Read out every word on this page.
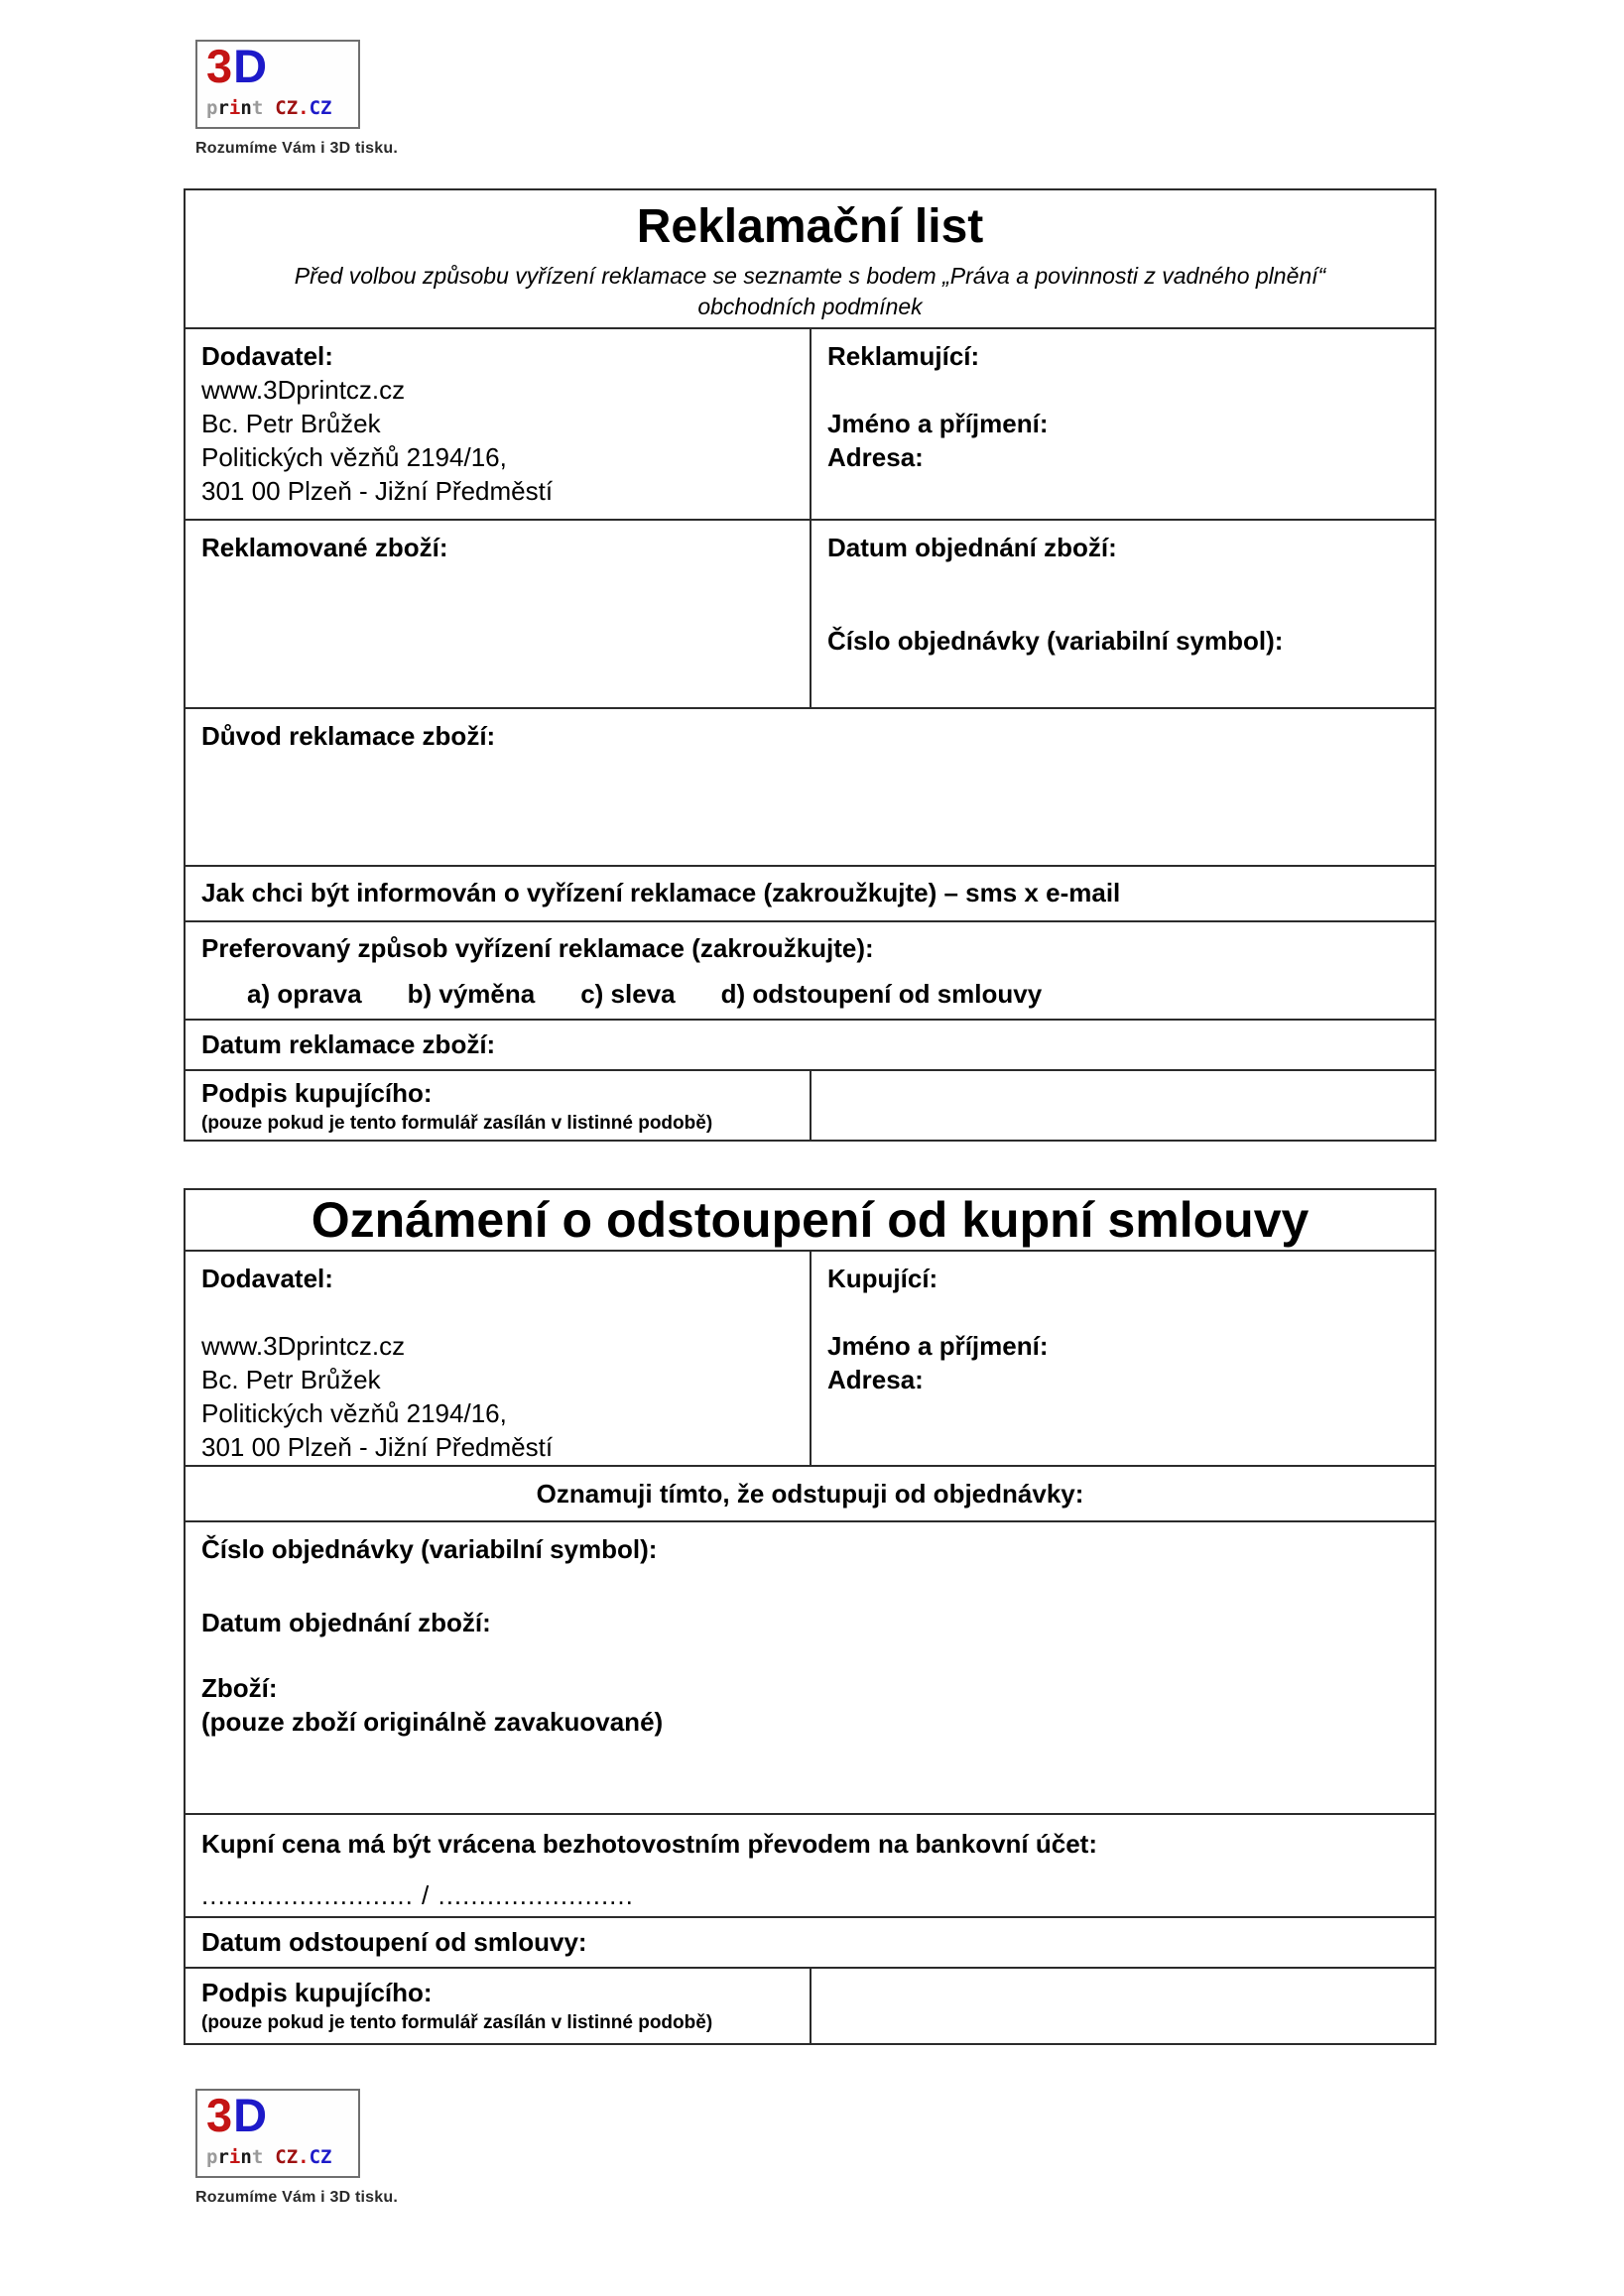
3D
print CZ.CZ
Rozumíme Vám i 3D tisku.
Reklamační list
Před volbou způsobu vyřízení reklamace se seznamte s bodem „Práva a povinnosti z vadného plnění“
obchodních podmínek
Dodavatel:
www.3Dprintcz.cz
Bc. Petr Brůžek
Politických vězňů 2194/16,
301 00 Plzeň - Jižní Předměstí
Reklamující:
Jméno a příjmení:
Adresa:
Reklamované zboží:	Datum objednání zboží:
Číslo objednávky (variabilní symbol):
Důvod reklamace zboží:
Jak chci být informován o vyřízení reklamace (zakroužkujte) – sms x e-mail
Preferovaný způsob vyřízení reklamace (zakroužkujte):
a) oprava b) výměna c) sleva d) odstoupení od smlouvy
Datum reklamace zboží:
Podpis kupujícího:
(pouze pokud je tento formulář zasílán v listinné podobě)
Oznámení o odstoupení od kupní smlouvy
Dodavatel:
www.3Dprintcz.cz
Bc. Petr Brůžek
Politických vězňů 2194/16,
301 00 Plzeň - Jižní Předměstí
Kupující:
Jméno a příjmení:
Adresa:
Oznamuji tímto, že odstupuji od objednávky:
Číslo objednávky (variabilní symbol):
Datum objednání zboží:
Zboží:
(pouze zboží originálně zavakuované)
Kupní cena má být vrácena bezhotovostním převodem na bankovní účet:
.......................... / ........................
Datum odstoupení od smlouvy:
Podpis kupujícího:
(pouze pokud je tento formulář zasílán v listinné podobě)
3D
print CZ.CZ
Rozumíme Vám i 3D tisku.
